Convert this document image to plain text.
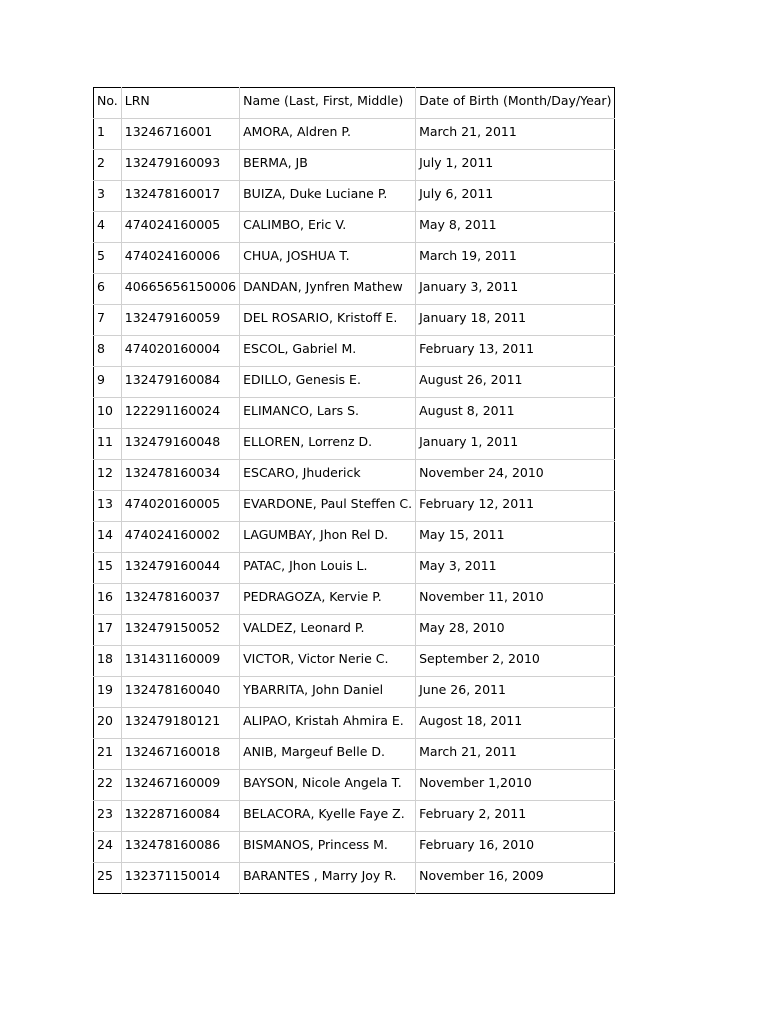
No.	LRN	Name (Last, First, Middle)	Date of Birth (Month/Day/Year)
1	13246716001	AMORA, Aldren P.	March 21, 2011
2	132479160093	BERMA, JB	July 1, 2011
3	132478160017	BUIZA, Duke Luciane P.	July 6, 2011
4	474024160005	CALIMBO, Eric V.	May 8, 2011
5	474024160006	CHUA, JOSHUA T.	March 19, 2011
6	40665656150006	DANDAN, Jynfren Mathew	January 3, 2011
7	132479160059	DEL ROSARIO, Kristoff E.	January 18, 2011
8	474020160004	ESCOL, Gabriel M.	February 13, 2011
9	132479160084	EDILLO, Genesis E.	August 26, 2011
10	122291160024	ELIMANCO, Lars S.	August 8, 2011
11	132479160048	ELLOREN, Lorrenz D.	January 1, 2011
12	132478160034	ESCARO, Jhuderick	November 24, 2010
13	474020160005	EVARDONE, Paul Steffen C.	February 12, 2011
14	474024160002	LAGUMBAY, Jhon Rel D.	May 15, 2011
15	132479160044	PATAC, Jhon Louis L.	May 3, 2011
16	132478160037	PEDRAGOZA, Kervie P.	November 11, 2010
17	132479150052	VALDEZ, Leonard P.	May 28, 2010
18	131431160009	VICTOR, Victor Nerie C.	September 2, 2010
19	132478160040	YBARRITA, John Daniel	June 26, 2011
20	132479180121	ALIPAO, Kristah Ahmira E.	Augost 18, 2011
21	132467160018	ANIB, Margeuf Belle D.	March 21, 2011
22	132467160009	BAYSON, Nicole Angela T.	November 1,2010
23	132287160084	BELACORA, Kyelle Faye Z.	February 2, 2011
24	132478160086	BISMANOS, Princess M.	February 16, 2010
25	132371150014	BARANTES , Marry Joy R.	November 16, 2009
